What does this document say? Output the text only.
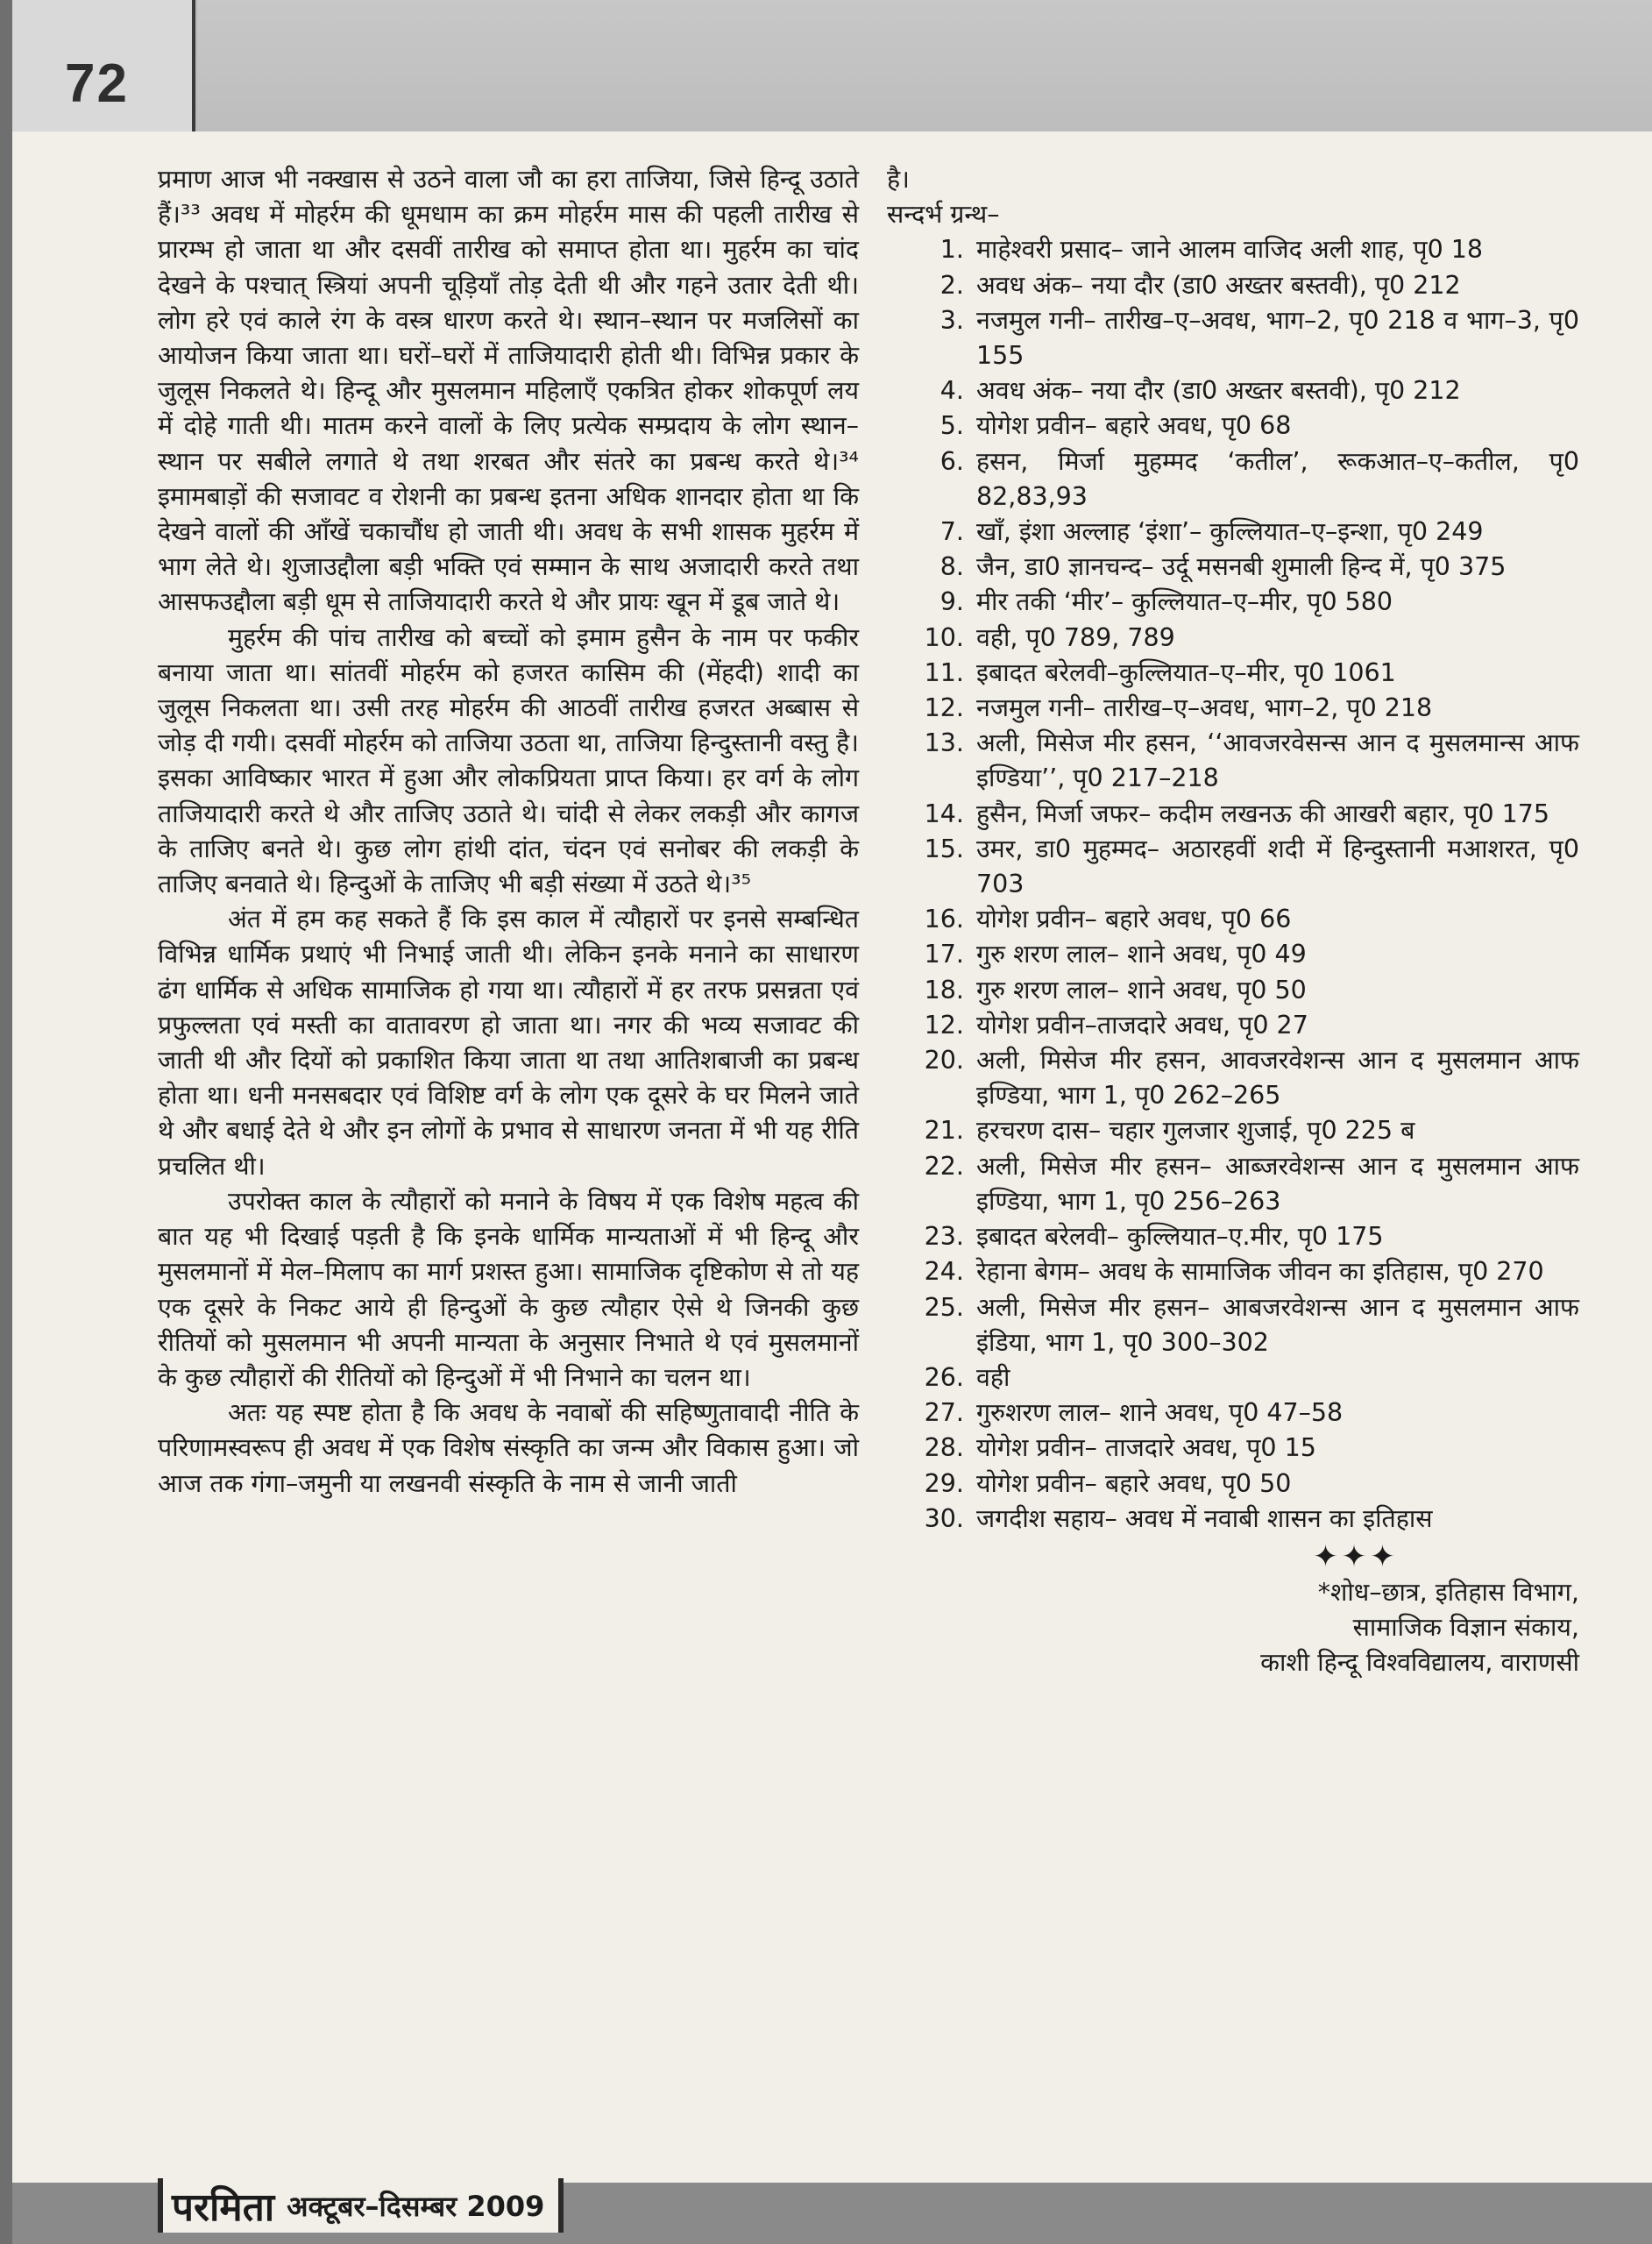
72

प्रमाण आज भी नक्खास से उठने वाला जौ का हरा ताजिया, जिसे हिन्दू उठाते हैं।³³ अवध में मोहर्रम की धूमधाम का क्रम मोहर्रम मास की पहली तारीख से प्रारम्भ हो जाता था और दसवीं तारीख को समाप्त होता था। मुहर्रम का चांद देखने के पश्चात् स्त्रियां अपनी चूड़ियाँ तोड़ देती थी और गहने उतार देती थी। लोग हरे एवं काले रंग के वस्त्र धारण करते थे। स्थान–स्थान पर मजलिसों का आयोजन किया जाता था। घरों–घरों में ताजियादारी होती थी। विभिन्न प्रकार के जुलूस निकलते थे। हिन्दू और मुसलमान महिलाएँ एकत्रित होकर शोकपूर्ण लय में दोहे गाती थी। मातम करने वालों के लिए प्रत्येक सम्प्रदाय के लोग स्थान–स्थान पर सबीले लगाते थे तथा शरबत और संतरे का प्रबन्ध करते थे।³⁴ इमामबाड़ों की सजावट व रोशनी का प्रबन्ध इतना अधिक शानदार होता था कि देखने वालों की आँखें चकाचौंध हो जाती थी। अवध के सभी शासक मुहर्रम में भाग लेते थे। शुजाउद्दौला बड़ी भक्ति एवं सम्मान के साथ अजादारी करते तथा आसफउद्दौला बड़ी धूम से ताजियादारी करते थे और प्रायः खून में डूब जाते थे।

मुहर्रम की पांच तारीख को बच्चों को इमाम हुसैन के नाम पर फकीर बनाया जाता था। सांतवीं मोहर्रम को हजरत कासिम की (मेंहदी) शादी का जुलूस निकलता था। उसी तरह मोहर्रम की आठवीं तारीख हजरत अब्बास से जोड़ दी गयी। दसवीं मोहर्रम को ताजिया उठता था, ताजिया हिन्दुस्तानी वस्तु है। इसका आविष्कार भारत में हुआ और लोकप्रियता प्राप्त किया। हर वर्ग के लोग ताजियादारी करते थे और ताजिए उठाते थे। चांदी से लेकर लकड़ी और कागज के ताजिए बनते थे। कुछ लोग हांथी दांत, चंदन एवं सनोबर की लकड़ी के ताजिए बनवाते थे। हिन्दुओं के ताजिए भी बड़ी संख्या में उठते थे।³⁵

अंत में हम कह सकते हैं कि इस काल में त्यौहारों पर इनसे सम्बन्धित विभिन्न धार्मिक प्रथाएं भी निभाई जाती थी। लेकिन इनके मनाने का साधारण ढंग धार्मिक से अधिक सामाजिक हो गया था। त्यौहारों में हर तरफ प्रसन्नता एवं प्रफुल्लता एवं मस्ती का वातावरण हो जाता था। नगर की भव्य सजावट की जाती थी और दियों को प्रकाशित किया जाता था तथा आतिशबाजी का प्रबन्ध होता था। धनी मनसबदार एवं विशिष्ट वर्ग के लोग एक दूसरे के घर मिलने जाते थे और बधाई देते थे और इन लोगों के प्रभाव से साधारण जनता में भी यह रीति प्रचलित थी।

उपरोक्त काल के त्यौहारों को मनाने के विषय में एक विशेष महत्व की बात यह भी दिखाई पड़ती है कि इनके धार्मिक मान्यताओं में भी हिन्दू और मुसलमानों में मेल–मिलाप का मार्ग प्रशस्त हुआ। सामाजिक दृष्टिकोण से तो यह एक दूसरे के निकट आये ही हिन्दुओं के कुछ त्यौहार ऐसे थे जिनकी कुछ रीतियों को मुसलमान भी अपनी मान्यता के अनुसार निभाते थे एवं मुसलमानों के कुछ त्यौहारों की रीतियों को हिन्दुओं में भी निभाने का चलन था।

अतः यह स्पष्ट होता है कि अवध के नवाबों की सहिष्णुतावादी नीति के परिणामस्वरूप ही अवध में एक विशेष संस्कृति का जन्म और विकास हुआ। जो आज तक गंगा–जमुनी या लखनवी संस्कृति के नाम से जानी जाती

है।

सन्दर्भ ग्रन्थ–

1. माहेश्वरी प्रसाद– जाने आलम वाजिद अली शाह, पृ0 18
2. अवध अंक– नया दौर (डा0 अख्तर बस्तवी), पृ0 212
3. नजमुल गनी– तारीख–ए–अवध, भाग–2, पृ0 218 व भाग–3, पृ0 155
4. अवध अंक– नया दौर (डा0 अख्तर बस्तवी), पृ0 212
5. योगेश प्रवीन– बहारे अवध, पृ0 68
6. हसन, मिर्जा मुहम्मद ‘कतील’, रूकआत–ए–कतील, पृ0 82,83,93
7. खाँ, इंशा अल्लाह ‘इंशा’– कुल्लियात–ए–इन्शा, पृ0 249
8. जैन, डा0 ज्ञानचन्द– उर्दू मसनबी शुमाली हिन्द में, पृ0 375
9. मीर तकी ‘मीर’– कुल्लियात–ए–मीर, पृ0 580
10. वही, पृ0 789, 789
11. इबादत बरेलवी–कुल्लियात–ए–मीर, पृ0 1061
12. नजमुल गनी– तारीख–ए–अवध, भाग–2, पृ0 218
13. अली, मिसेज मीर हसन, ‘‘आवजरवेसन्स आन द मुसलमान्स आफ इण्डिया’’, पृ0 217–218
14. हुसैन, मिर्जा जफर– कदीम लखनऊ की आखरी बहार, पृ0 175
15. उमर, डा0 मुहम्मद– अठारहवीं शदी में हिन्दुस्तानी मआशरत, पृ0 703
16. योगेश प्रवीन– बहारे अवध, पृ0 66
17. गुरु शरण लाल– शाने अवध, पृ0 49
18. गुरु शरण लाल– शाने अवध, पृ0 50
12. योगेश प्रवीन–ताजदारे अवध, पृ0 27
20. अली, मिसेज मीर हसन, आवजरवेशन्स आन द मुसलमान आफ इण्डिया, भाग 1, पृ0 262–265
21. हरचरण दास– चहार गुलजार शुजाई, पृ0 225 ब
22. अली, मिसेज मीर हसन– आब्जरवेशन्स आन द मुसलमान आफ इण्डिया, भाग 1, पृ0 256–263
23. इबादत बरेलवी– कुल्लियात–ए.मीर, पृ0 175
24. रेहाना बेगम– अवध के सामाजिक जीवन का इतिहास, पृ0 270
25. अली, मिसेज मीर हसन– आबजरवेशन्स आन द मुसलमान आफ इंडिया, भाग 1, पृ0 300–302
26. वही
27. गुरुशरण लाल– शाने अवध, पृ0 47–58
28. योगेश प्रवीन– ताजदारे अवध, पृ0 15
29. योगेश प्रवीन– बहारे अवध, पृ0 50
30. जगदीश सहाय– अवध में नवाबी शासन का इतिहास
✦✦✦
*शोध–छात्र, इतिहास विभाग,
सामाजिक विज्ञान संकाय,
काशी हिन्दू विश्वविद्यालय, वाराणसी
परमिता अक्टूबर–दिसम्बर 2009
